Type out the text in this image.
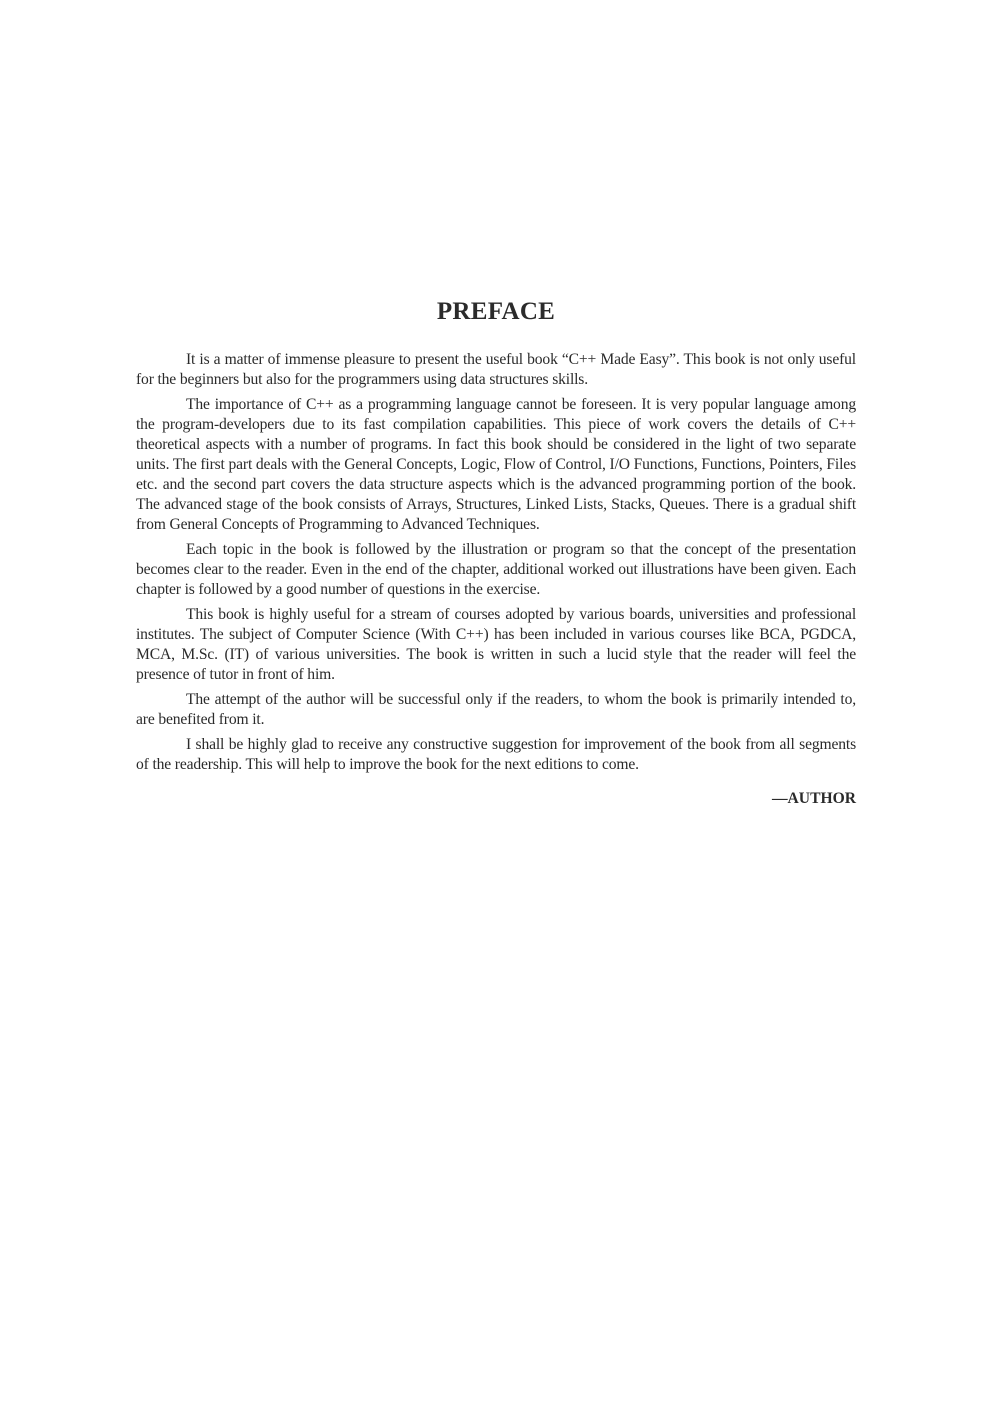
PREFACE

It is a matter of immense pleasure to present the useful book “C++ Made Easy”. This book is not only useful for the beginners but also for the programmers using data structures skills.

The importance of C++ as a programming language cannot be foreseen. It is very popular language among the program-developers due to its fast compilation capabilities. This piece of work covers the details of C++ theoretical aspects with a number of programs. In fact this book should be considered in the light of two separate units. The first part deals with the General Concepts, Logic, Flow of Control, I/O Functions, Functions, Pointers, Files etc. and the second part covers the data structure aspects which is the advanced programming portion of the book. The advanced stage of the book consists of Arrays, Structures, Linked Lists, Stacks, Queues. There is a gradual shift from General Concepts of Programming to Advanced Techniques.

Each topic in the book is followed by the illustration or program so that the concept of the presentation becomes clear to the reader. Even in the end of the chapter, additional worked out illustrations have been given. Each chapter is followed by a good number of questions in the exercise.

This book is highly useful for a stream of courses adopted by various boards, universities and professional institutes. The subject of Computer Science (With C++) has been included in various courses like BCA, PGDCA, MCA, M.Sc. (IT) of various universities. The book is written in such a lucid style that the reader will feel the presence of tutor in front of him.

The attempt of the author will be successful only if the readers, to whom the book is primarily intended to, are benefited from it.

I shall be highly glad to receive any constructive suggestion for improvement of the book from all segments of the readership. This will help to improve the book for the next editions to come.

—AUTHOR
